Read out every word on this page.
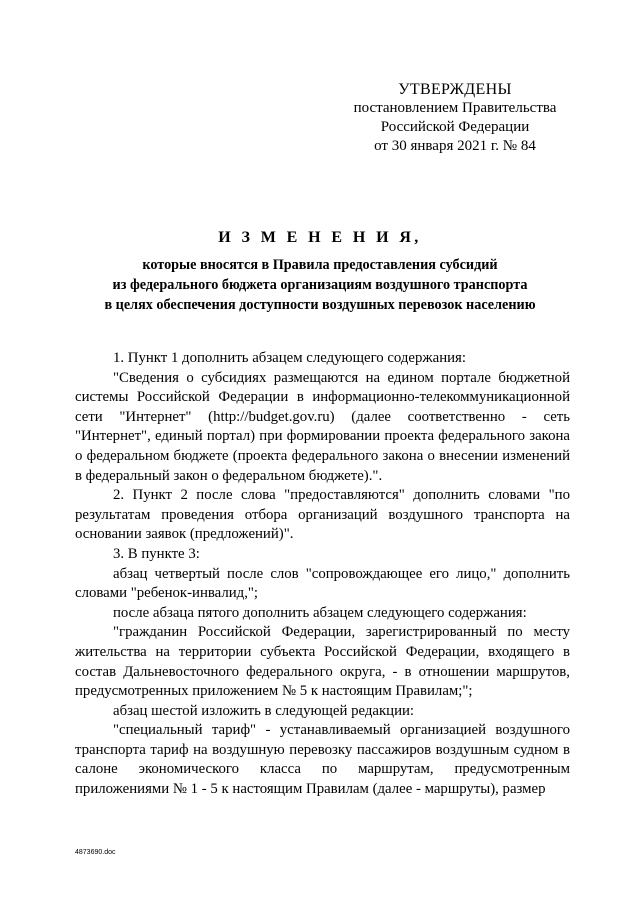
УТВЕРЖДЕНЫ
постановлением Правительства
Российской Федерации
от 30 января 2021 г. № 84
И З М Е Н Е Н И Я,
которые вносятся в Правила предоставления субсидий
из федерального бюджета организациям воздушного транспорта
в целях обеспечения доступности воздушных перевозок населению

1. Пункт 1 дополнить абзацем следующего содержания:

"Сведения о субсидиях размещаются на едином портале бюджетной системы Российской Федерации в информационно-телекоммуникационной сети "Интернет" (http://budget.gov.ru) (далее соответственно - сеть "Интернет", единый портал) при формировании проекта федерального закона о федеральном бюджете (проекта федерального закона о внесении изменений в федеральный закон о федеральном бюджете).".

2. Пункт 2 после слова "предоставляются" дополнить словами "по результатам проведения отбора организаций воздушного транспорта на основании заявок (предложений)".

3. В пункте 3:

абзац четвертый после слов "сопровождающее его лицо," дополнить словами "ребенок-инвалид,";

после абзаца пятого дополнить абзацем следующего содержания:

"гражданин Российской Федерации, зарегистрированный по месту жительства на территории субъекта Российской Федерации, входящего в состав Дальневосточного федерального округа, - в отношении маршрутов, предусмотренных приложением № 5 к настоящим Правилам;";

абзац шестой изложить в следующей редакции:

"специальный тариф" - устанавливаемый организацией воздушного транспорта тариф на воздушную перевозку пассажиров воздушным судном в салоне экономического класса по маршрутам, предусмотренным приложениями № 1 - 5 к настоящим Правилам (далее - маршруты), размер

4873690.doc
